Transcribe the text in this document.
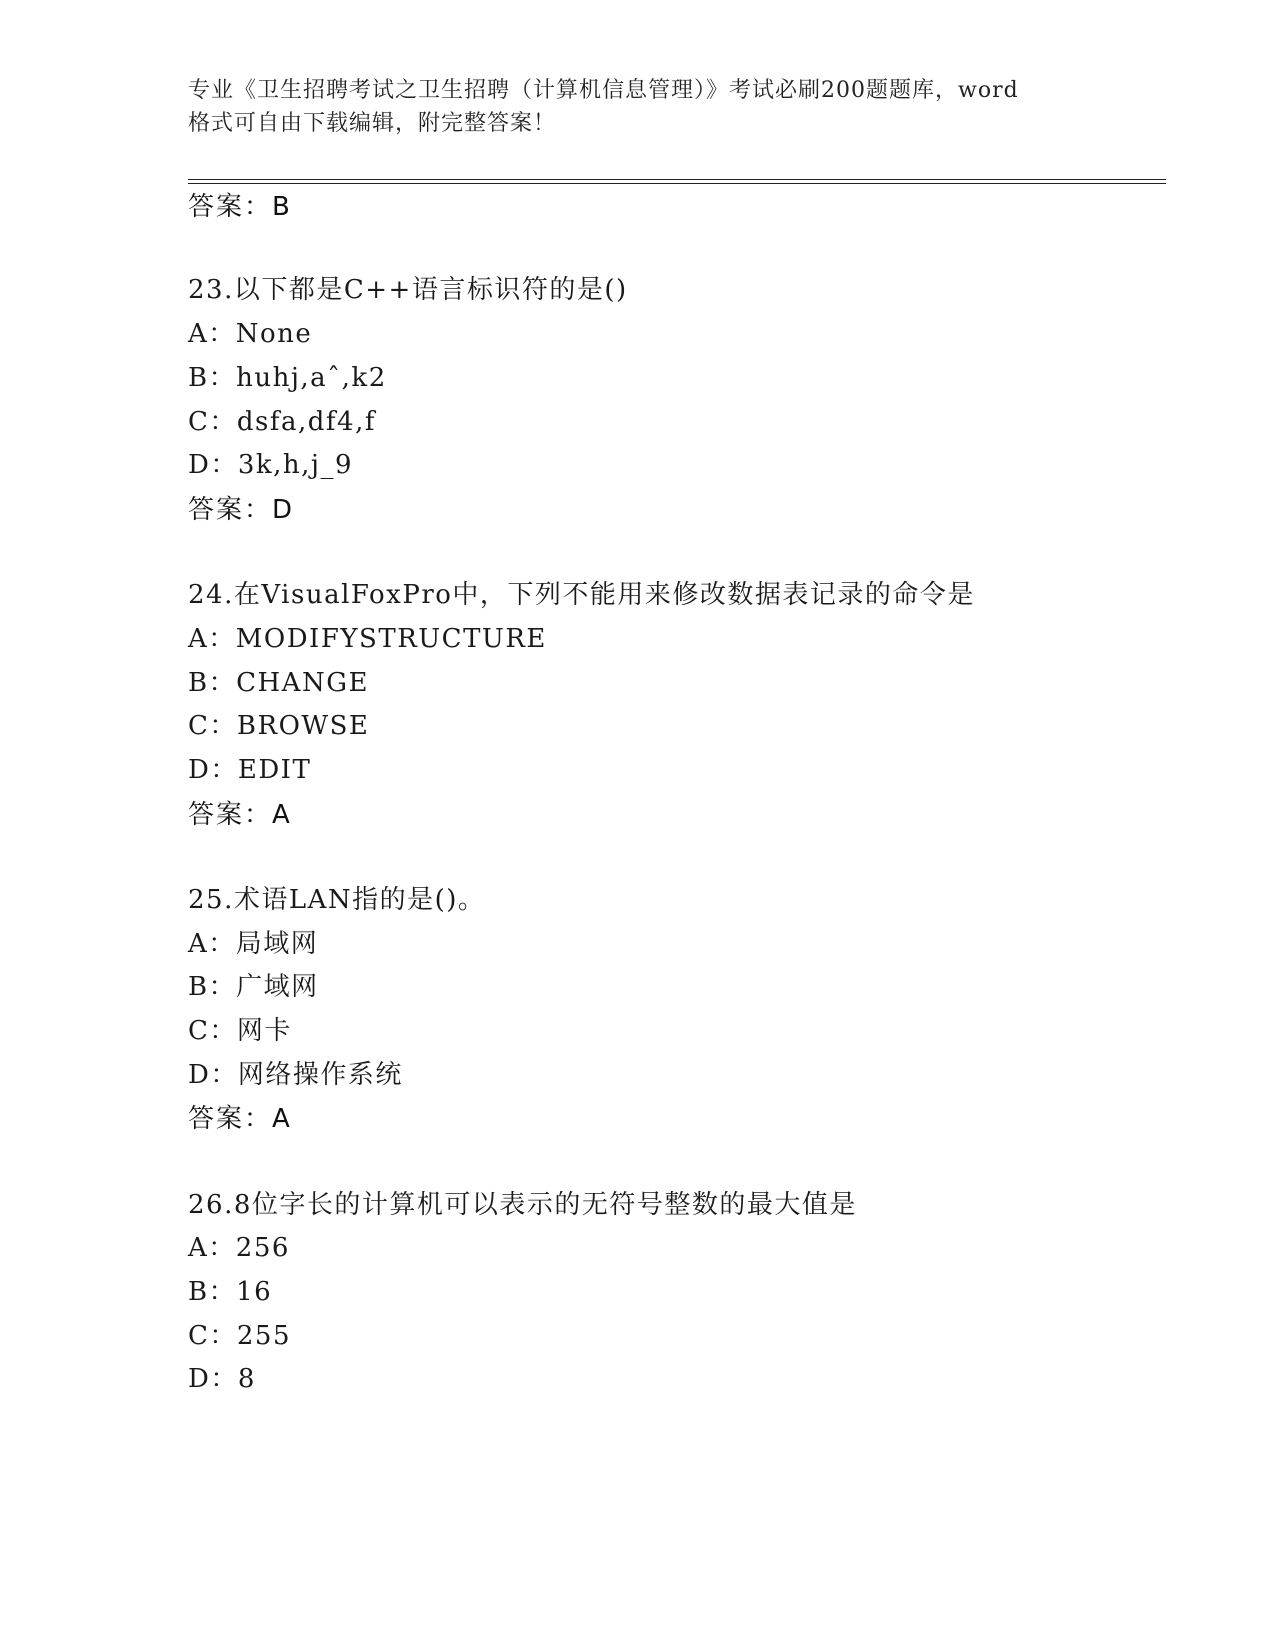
专业《卫生招聘考试之卫生招聘（计算机信息管理）》考试必刷200题题库，word
格式可自由下载编辑，附完整答案！
答案：B
23.以下都是C++语言标识符的是()
A：None
B：huhj,aˆ,k2
C：dsfa,df4,f
D：3k,h,j_9
答案：D
24.在VisualFoxPro中，下列不能用来修改数据表记录的命令是
A：MODIFYSTRUCTURE
B：CHANGE
C：BROWSE
D：EDIT
答案：A
25.术语LAN指的是()。
A：局域网
B：广域网
C：网卡
D：网络操作系统
答案：A
26.8位字长的计算机可以表示的无符号整数的最大值是
A：256
B：16
C：255
D：8
